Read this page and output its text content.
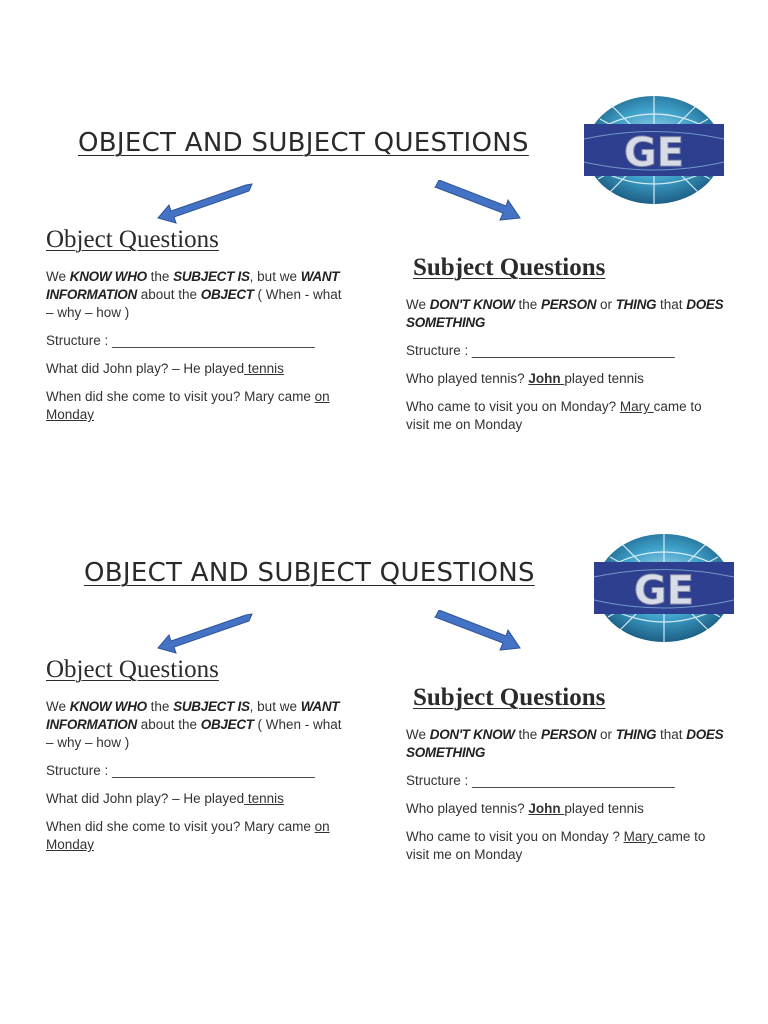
OBJECT AND SUBJECT QUESTIONS GE
Object Questions
Subject Questions

We KNOW WHO the SUBJECT IS, but we WANT INFORMATION about the OBJECT ( When - what – why – how )

Structure : ___________________________

What did John play? – He played tennis

When did she come to visit you? Mary came on Monday

We DON'T KNOW the PERSON or THING that DOES SOMETHING

Structure : ___________________________

Who played tennis? John played tennis

Who came to visit you on Monday? Mary came to visit me on Monday

OBJECT AND SUBJECT QUESTIONS GE
Object Questions
Subject Questions

We KNOW WHO the SUBJECT IS, but we WANT INFORMATION about the OBJECT ( When - what – why – how )

Structure : ___________________________

What did John play? – He played tennis

When did she come to visit you? Mary came on Monday

We DON'T KNOW the PERSON or THING that DOES SOMETHING

Structure : ___________________________

Who played tennis? John played tennis

Who came to visit you on Monday ? Mary came to visit me on Monday
